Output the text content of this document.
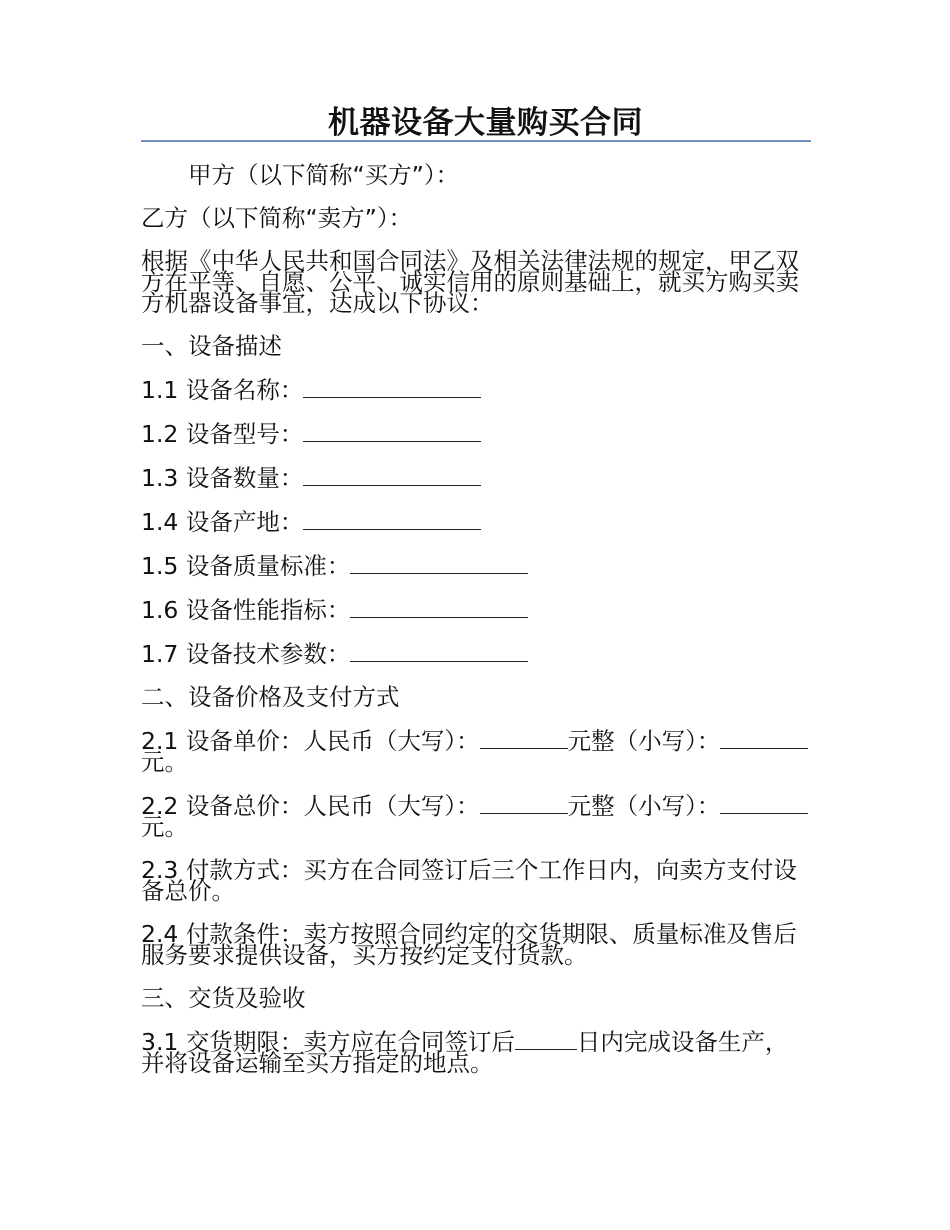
机器设备大量购买合同

甲方（以下简称“买方”）：

乙方（以下简称“卖方”）：

根据《中华人民共和国合同法》及相关法律法规的规定，甲乙双方在平等、自愿、公平、诚实信用的原则基础上，就买方购买卖方机器设备事宜，达成以下协议：

一、设备描述

1.1 设备名称：

1.2 设备型号：

1.3 设备数量：

1.4 设备产地：

1.5 设备质量标准：

1.6 设备性能指标：

1.7 设备技术参数：

二、设备价格及支付方式

2.1 设备单价：人民币（大写）：	元整（小写）：元。

2.2 设备总价：人民币（大写）：	元整（小写）：元。

2.3 付款方式：买方在合同签订后三个工作日内，向卖方支付设备总价。

2.4 付款条件：卖方按照合同约定的交货期限、质量标准及售后服务要求提供设备，买方按约定支付货款。

三、交货及验收

3.1 交货期限：卖方应在合同签订后	日内完成设备生产，并将设备运输至买方指定的地点。
